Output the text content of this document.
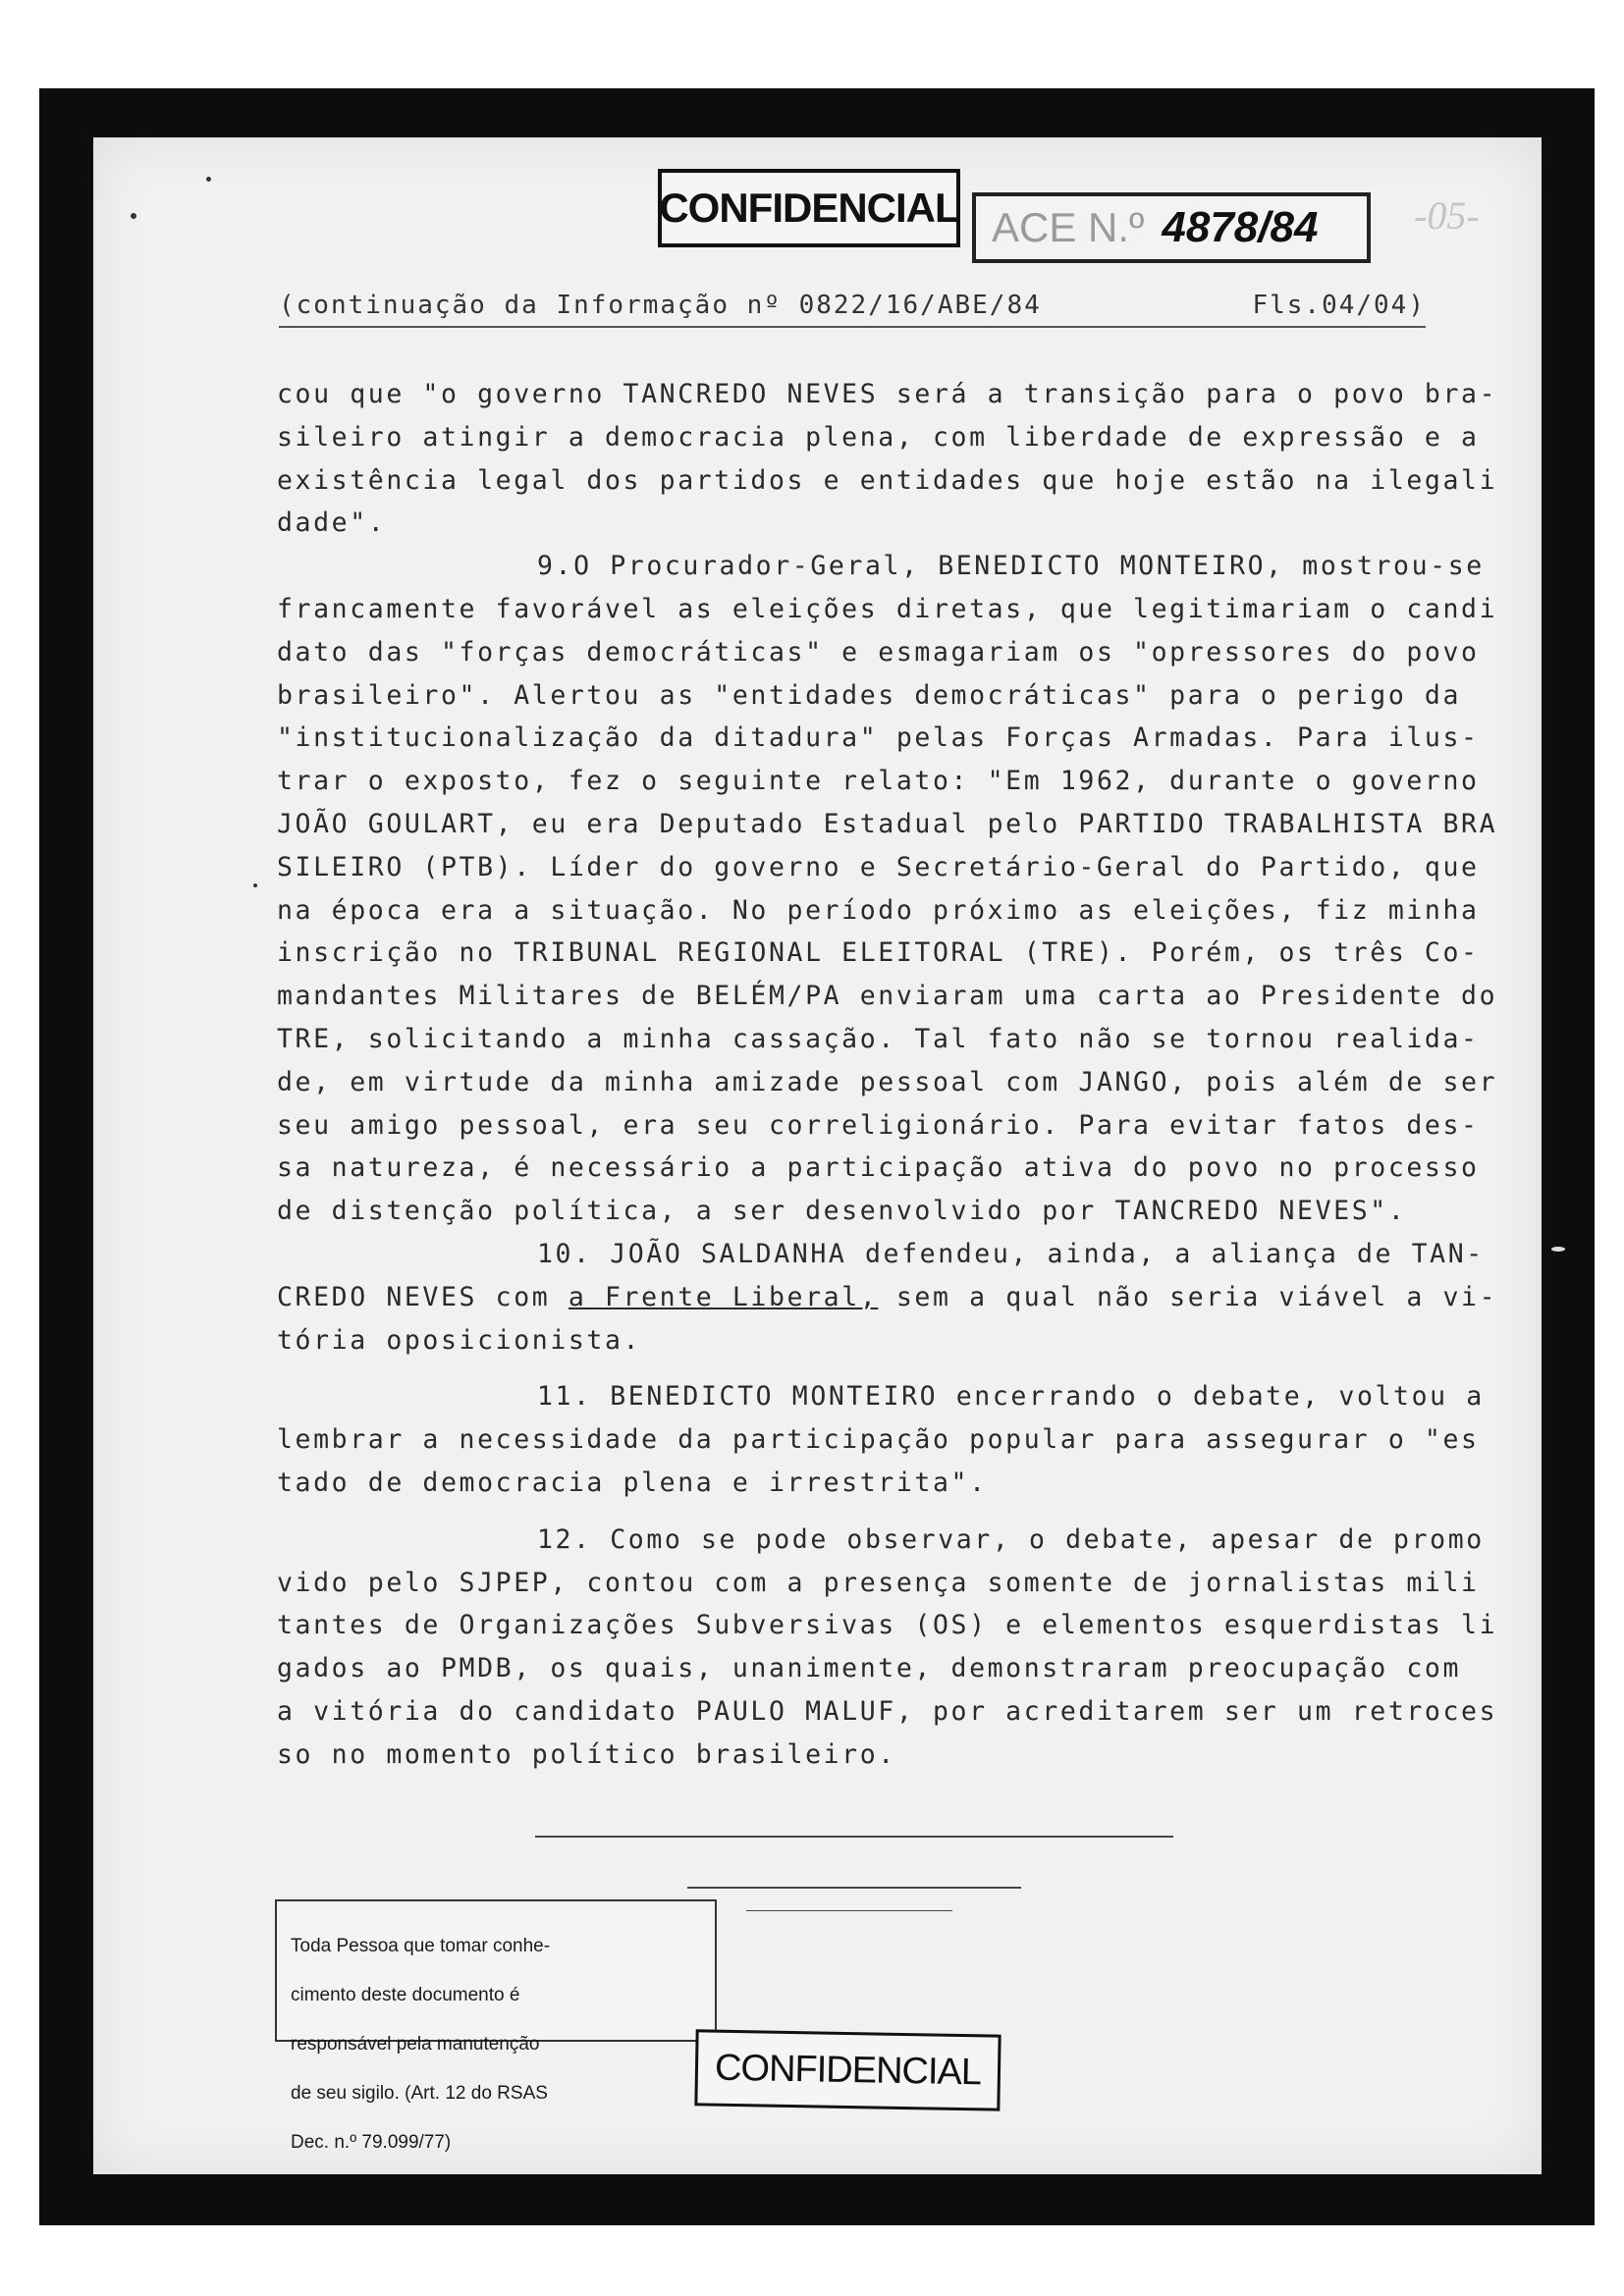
CONFIDENCIAL ACE N.º 4878/84 -05-
(continuação da Informação nº 0822/16/ABE/84	Fls.04/04)
cou que "o governo TANCREDO NEVES será a transição para o povo bra-
sileiro atingir a democracia plena, com liberdade de expressão e a
existência legal dos partidos e entidades que hoje estão na ilegali
dade".
9.O Procurador-Geral, BENEDICTO MONTEIRO, mostrou-se
francamente favorável as eleições diretas, que legitimariam o candi
dato das "forças democráticas" e esmagariam os "opressores do povo
brasileiro". Alertou as "entidades democráticas" para o perigo da
"institucionalização da ditadura" pelas Forças Armadas. Para ilus-
trar o exposto, fez o seguinte relato: "Em 1962, durante o governo
JOÃO GOULART, eu era Deputado Estadual pelo PARTIDO TRABALHISTA BRA
SILEIRO (PTB). Líder do governo e Secretário-Geral do Partido, que
na época era a situação. No período próximo as eleições, fiz minha
inscrição no TRIBUNAL REGIONAL ELEITORAL (TRE). Porém, os três Co-
mandantes Militares de BELÉM/PA enviaram uma carta ao Presidente do
TRE, solicitando a minha cassação. Tal fato não se tornou realida-
de, em virtude da minha amizade pessoal com JANGO, pois além de ser
seu amigo pessoal, era seu correligionário. Para evitar fatos des-
sa natureza, é necessário a participação ativa do povo no processo
de distenção política, a ser desenvolvido por TANCREDO NEVES".
10. JOÃO SALDANHA defendeu, ainda, a aliança de TAN-
CREDO NEVES com a Frente Liberal, sem a qual não seria viável a vi-
tória oposicionista.
11. BENEDICTO MONTEIRO encerrando o debate, voltou a
lembrar a necessidade da participação popular para assegurar o "es
tado de democracia plena e irrestrita".
12. Como se pode observar, o debate, apesar de promo
vido pelo SJPEP, contou com a presença somente de jornalistas mili
tantes de Organizações Subversivas (OS) e elementos esquerdistas li
gados ao PMDB, os quais, unanimente, demonstraram preocupação com
a vitória do candidato PAULO MALUF, por acreditarem ser um retroces
so no momento político brasileiro.

Toda Pessoa que tomar conhe-

cimento deste documento é

responsável pela manutenção

de seu sigilo. (Art. 12 do RSAS

Dec. n.º 79.099/77)

CONFIDENCIAL
